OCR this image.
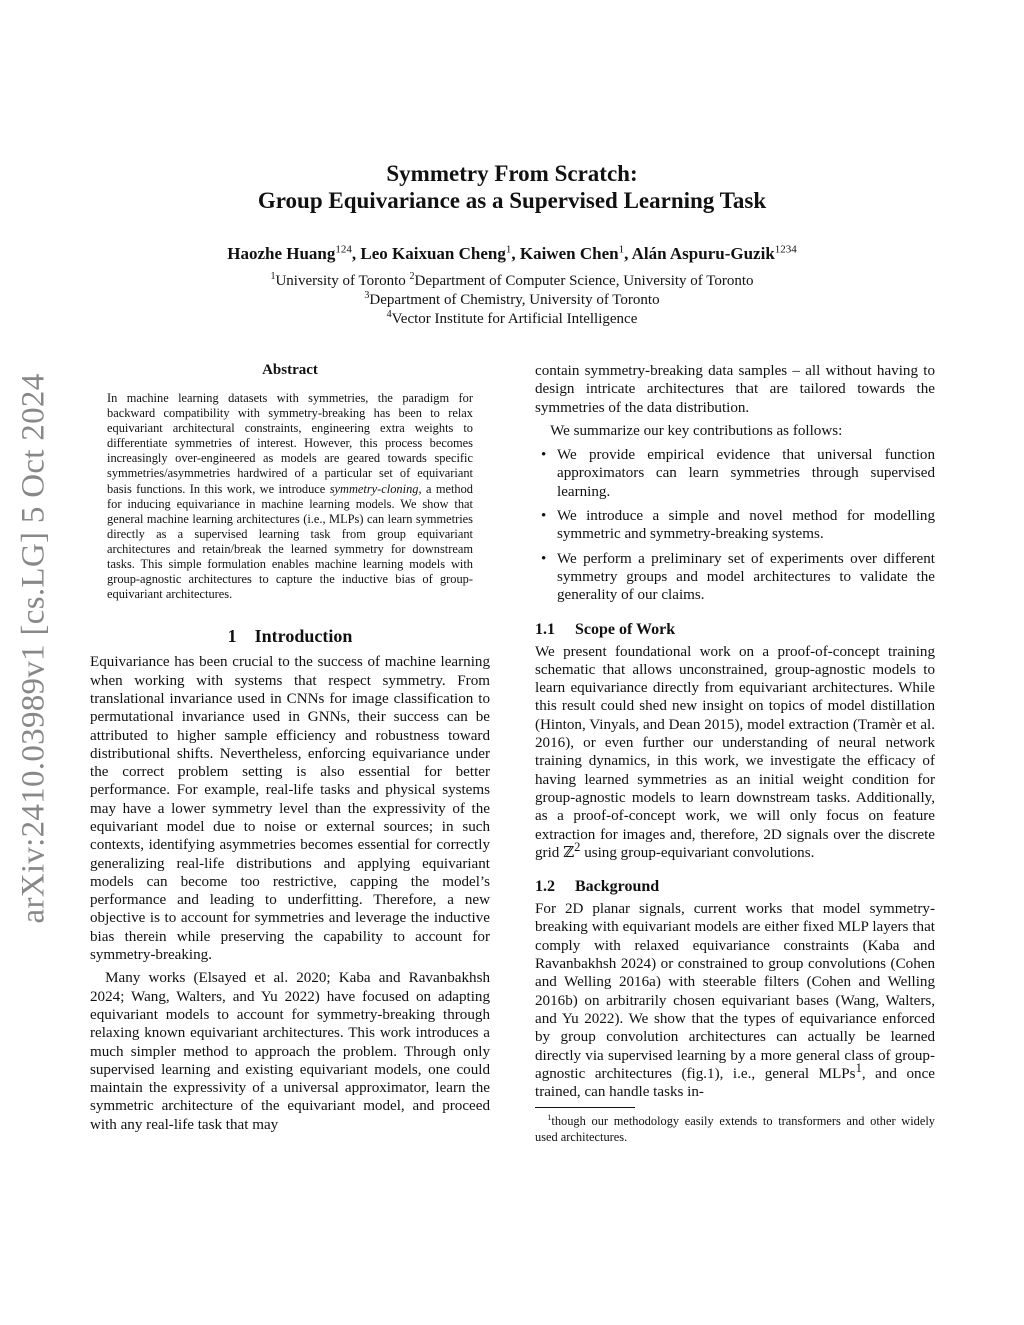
arXiv:2410.03989v1 [cs.LG] 5 Oct 2024
Symmetry From Scratch:
Group Equivariance as a Supervised Learning Task
Haozhe Huang$^{124}$, Leo Kaixuan Cheng$^1$, Kaiwen Chen$^1$, Alán Aspuru-Guzik$^{1234}$
$^1$University of Toronto $^2$Department of Computer Science, University of Toronto
$^3$Department of Chemistry, University of Toronto
$^4$Vector Institute for Artificial Intelligence
Abstract

In machine learning datasets with symmetries, the paradigm for backward compatibility with symmetry-breaking has been to relax equivariant architectural constraints, engineering extra weights to differentiate symmetries of interest. However, this process becomes increasingly over-engineered as models are geared towards specific symmetries/asymmetries hardwired of a particular set of equivariant basis functions. In this work, we introduce symmetry-cloning, a method for inducing equivariance in machine learning models. We show that general machine learning architectures (i.e., MLPs) can learn symmetries directly as a supervised learning task from group equivariant architectures and retain/break the learned symmetry for downstream tasks. This simple formulation enables machine learning models with group-agnostic architectures to capture the inductive bias of group-equivariant architectures.

1 Introduction

Equivariance has been crucial to the success of machine learning when working with systems that respect symmetry. From translational invariance used in CNNs for image classification to permutational invariance used in GNNs, their success can be attributed to higher sample efficiency and robustness toward distributional shifts. Nevertheless, enforcing equivariance under the correct problem setting is also essential for better performance. For example, real-life tasks and physical systems may have a lower symmetry level than the expressivity of the equivariant model due to noise or external sources; in such contexts, identifying asymmetries becomes essential for correctly generalizing real-life distributions and applying equivariant models can become too restrictive, capping the model’s performance and leading to underfitting. Therefore, a new objective is to account for symmetries and leverage the inductive bias therein while preserving the capability to account for symmetry-breaking.

Many works (Elsayed et al. 2020; Kaba and Ravanbakhsh 2024; Wang, Walters, and Yu 2022) have focused on adapting equivariant models to account for symmetry-breaking through relaxing known equivariant architectures. This work introduces a much simpler method to approach the problem. Through only supervised learning and existing equivariant models, one could maintain the expressivity of a universal approximator, learn the symmetric architecture of the equivariant model, and proceed with any real-life task that may

contain symmetry-breaking data samples – all without having to design intricate architectures that are tailored towards the symmetries of the data distribution.

We summarize our key contributions as follows:

• We provide empirical evidence that universal function approximators can learn symmetries through supervised learning.
• We introduce a simple and novel method for modelling symmetric and symmetry-breaking systems.
• We perform a preliminary set of experiments over different symmetry groups and model architectures to validate the generality of our claims.
1.1 Scope of Work

We present foundational work on a proof-of-concept training schematic that allows unconstrained, group-agnostic models to learn equivariance directly from equivariant architectures. While this result could shed new insight on topics of model distillation (Hinton, Vinyals, and Dean 2015), model extraction (Tramèr et al. 2016), or even further our understanding of neural network training dynamics, in this work, we investigate the efficacy of having learned symmetries as an initial weight condition for group-agnostic models to learn downstream tasks. Additionally, as a proof-of-concept work, we will only focus on feature extraction for images and, therefore, 2D signals over the discrete grid ℤ$^2$ using group-equivariant convolutions.

1.2 Background

For 2D planar signals, current works that model symmetry-breaking with equivariant models are either fixed MLP layers that comply with relaxed equivariance constraints (Kaba and Ravanbakhsh 2024) or constrained to group convolutions (Cohen and Welling 2016a) with steerable filters (Cohen and Welling 2016b) on arbitrarily chosen equivariant bases (Wang, Walters, and Yu 2022). We show that the types of equivariance enforced by group convolution architectures can actually be learned directly via supervised learning by a more general class of group-agnostic architectures (fig.1), i.e., general MLPs$^1$, and once trained, can handle tasks in-

$^1$though our methodology easily extends to transformers and other widely used architectures.
